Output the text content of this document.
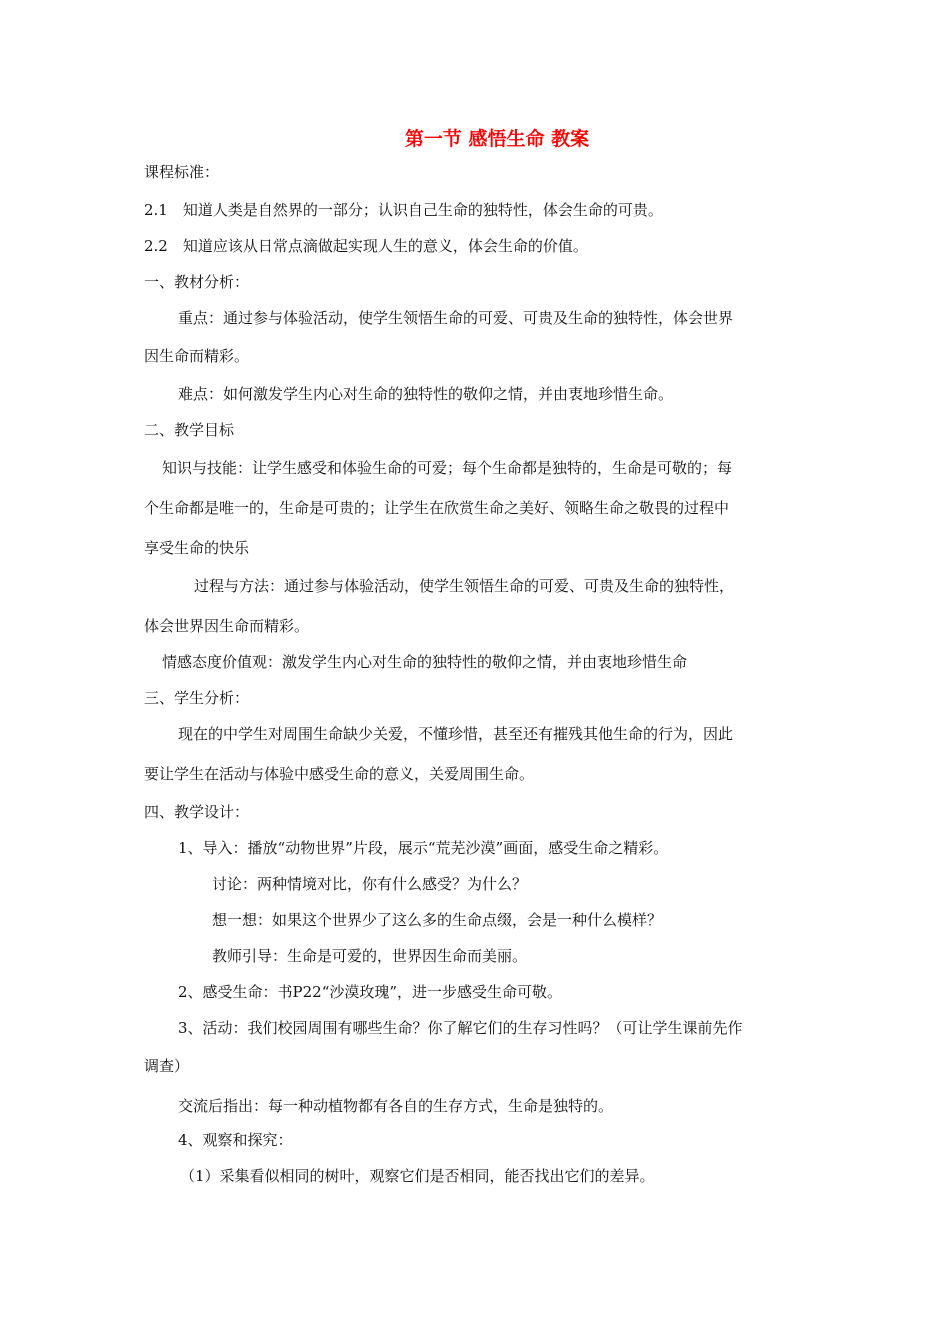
第一节 感悟生命 教案
课程标准：
2.1　知道人类是自然界的一部分；认识自己生命的独特性，体会生命的可贵。
2.2　知道应该从日常点滴做起实现人生的意义，体会生命的价值。
一、教材分析：
重点：通过参与体验活动，使学生领悟生命的可爱、可贵及生命的独特性，体会世界
因生命而精彩。
难点：如何激发学生内心对生命的独特性的敬仰之情，并由衷地珍惜生命。
二、教学目标
知识与技能：让学生感受和体验生命的可爱；每个生命都是独特的，生命是可敬的；每
个生命都是唯一的，生命是可贵的；让学生在欣赏生命之美好、领略生命之敬畏的过程中
享受生命的快乐
过程与方法：通过参与体验活动，使学生领悟生命的可爱、可贵及生命的独特性，
体会世界因生命而精彩。
情感态度价值观：激发学生内心对生命的独特性的敬仰之情，并由衷地珍惜生命
三、学生分析：
现在的中学生对周围生命缺少关爱，不懂珍惜，甚至还有摧残其他生命的行为，因此
要让学生在活动与体验中感受生命的意义，关爱周围生命。
四、教学设计：
1、导入：播放“动物世界”片段，展示“荒芜沙漠”画面，感受生命之精彩。
讨论：两种情境对比，你有什么感受？为什么？
想一想：如果这个世界少了这么多的生命点缀，会是一种什么模样？
教师引导：生命是可爱的，世界因生命而美丽。
2、感受生命：书P22“沙漠玫瑰”，进一步感受生命可敬。
3、活动：我们校园周围有哪些生命？你了解它们的生存习性吗？（可让学生课前先作
调查）
交流后指出：每一种动植物都有各自的生存方式，生命是独特的。
4、观察和探究：
（1）采集看似相同的树叶，观察它们是否相同，能否找出它们的差异。
